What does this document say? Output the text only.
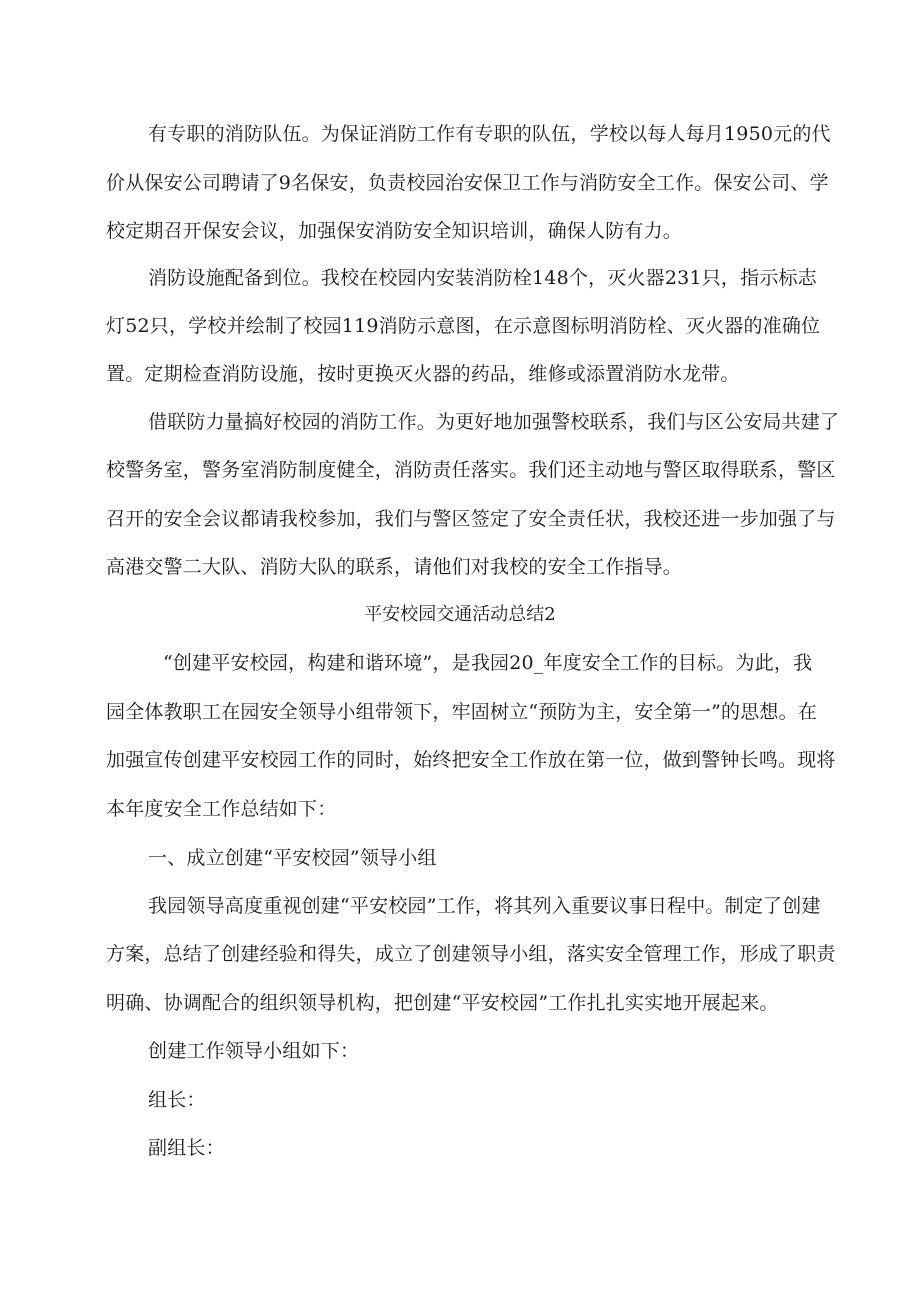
有专职的消防队伍。为保证消防工作有专职的队伍，学校以每人每月1950元的代
价从保安公司聘请了9名保安，负责校园治安保卫工作与消防安全工作。保安公司、学
校定期召开保安会议，加强保安消防安全知识培训，确保人防有力。
消防设施配备到位。我校在校园内安装消防栓148个，灭火器231只，指示标志
灯52只，学校并绘制了校园119消防示意图，在示意图标明消防栓、灭火器的准确位
置。定期检查消防设施，按时更换灭火器的药品，维修或添置消防水龙带。
借联防力量搞好校园的消防工作。为更好地加强警校联系，我们与区公安局共建了
校警务室，警务室消防制度健全，消防责任落实。我们还主动地与警区取得联系，警区
召开的安全会议都请我校参加，我们与警区签定了安全责任状，我校还进一步加强了与
高港交警二大队、消防大队的联系，请他们对我校的安全工作指导。
平安校园交通活动总结2
“创建平安校园，构建和谐环境”，是我园20_年度安全工作的目标。为此，我
园全体教职工在园安全领导小组带领下，牢固树立“预防为主，安全第一”的思想。在
加强宣传创建平安校园工作的同时，始终把安全工作放在第一位，做到警钟长鸣。现将
本年度安全工作总结如下：
一、成立创建“平安校园”领导小组
我园领导高度重视创建“平安校园”工作，将其列入重要议事日程中。制定了创建
方案，总结了创建经验和得失，成立了创建领导小组，落实安全管理工作，形成了职责
明确、协调配合的组织领导机构，把创建“平安校园”工作扎扎实实地开展起来。
创建工作领导小组如下：
组长：
副组长：
